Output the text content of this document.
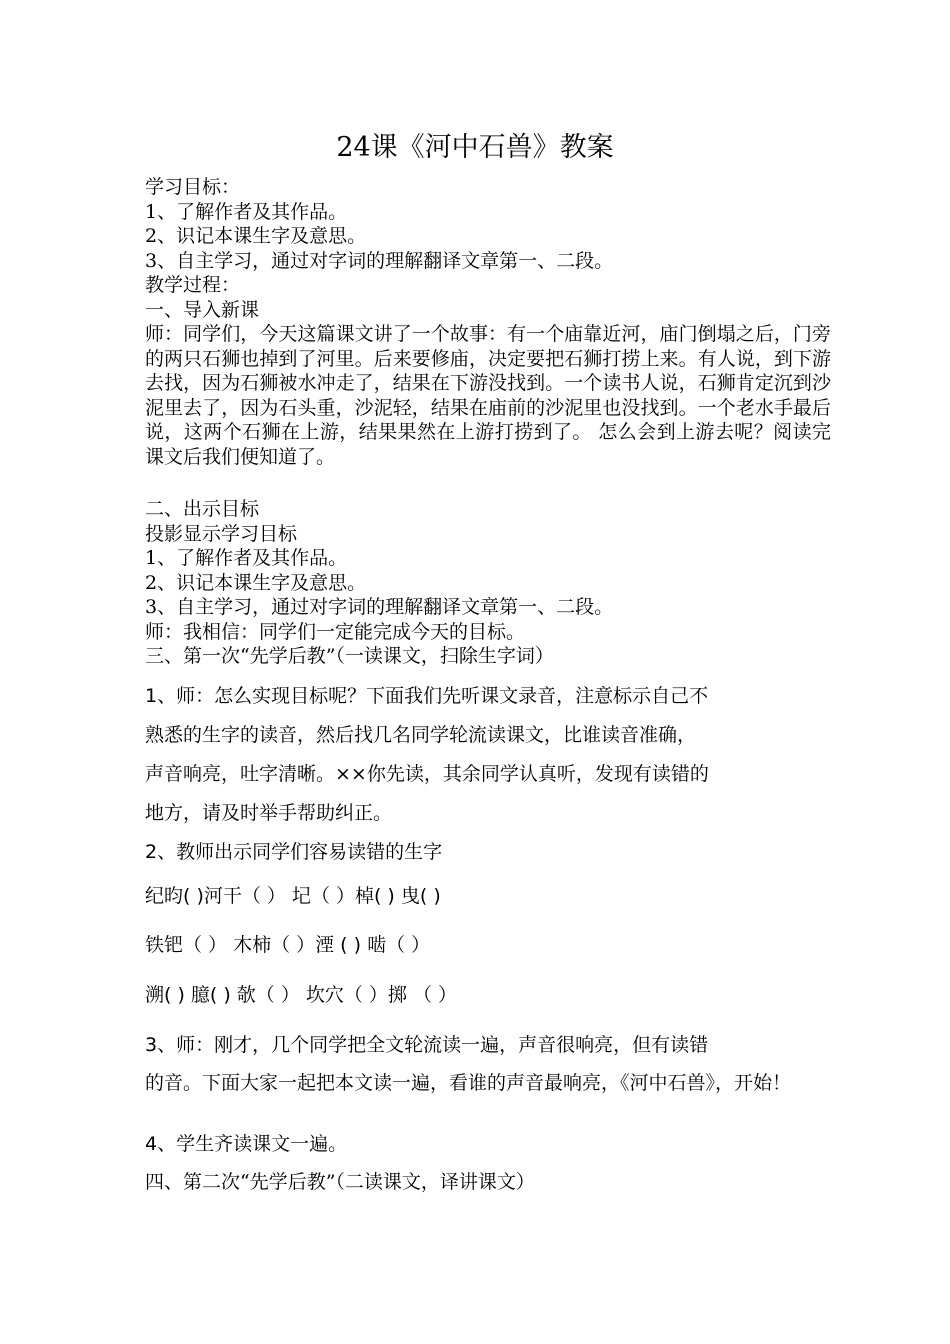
24课《河中石兽》教案
学习目标：
1、了解作者及其作品。
2、识记本课生字及意思。
3、自主学习，通过对字词的理解翻译文章第一、二段。
教学过程：
一、导入新课
师：同学们，今天这篇课文讲了一个故事：有一个庙靠近河，庙门倒塌之后，门旁的两只石狮也掉到了河里。后来要修庙，决定要把石狮打捞上来。有人说，到下游去找，因为石狮被水冲走了，结果在下游没找到。一个读书人说，石狮肯定沉到沙泥里去了，因为石头重，沙泥轻，结果在庙前的沙泥里也没找到。一个老水手最后说，这两个石狮在上游，结果果然在上游打捞到了。 怎么会到上游去呢？阅读完课文后我们便知道了。
二、出示目标
投影显示学习目标
1、了解作者及其作品。
2、识记本课生字及意思。
3、自主学习，通过对字词的理解翻译文章第一、二段。
师：我相信：同学们一定能完成今天的目标。
三、第一次“先学后教”（一读课文，扫除生字词）
1、师：怎么实现目标呢？下面我们先听课文录音，注意标示自己不
熟悉的生字的读音，然后找几名同学轮流读课文，比谁读音准确，
声音响亮，吐字清晰。××你先读，其余同学认真听，发现有读错的
地方，请及时举手帮助纠正。
2、教师出示同学们容易读错的生字
纪昀( )河干（ ） 圮（ ）棹( ) 曳( )
铁钯（ ） 木柿（ ）湮 ( ) 啮（ ）
溯( ) 臆( ) 欹（ ） 坎穴（ ）掷 （ ）
3、师：刚才，几个同学把全文轮流读一遍，声音很响亮，但有读错
的音。下面大家一起把本文读一遍，看谁的声音最响亮，《河中石兽》，开始！
4、学生齐读课文一遍。
四、第二次“先学后教”（二读课文，译讲课文）
